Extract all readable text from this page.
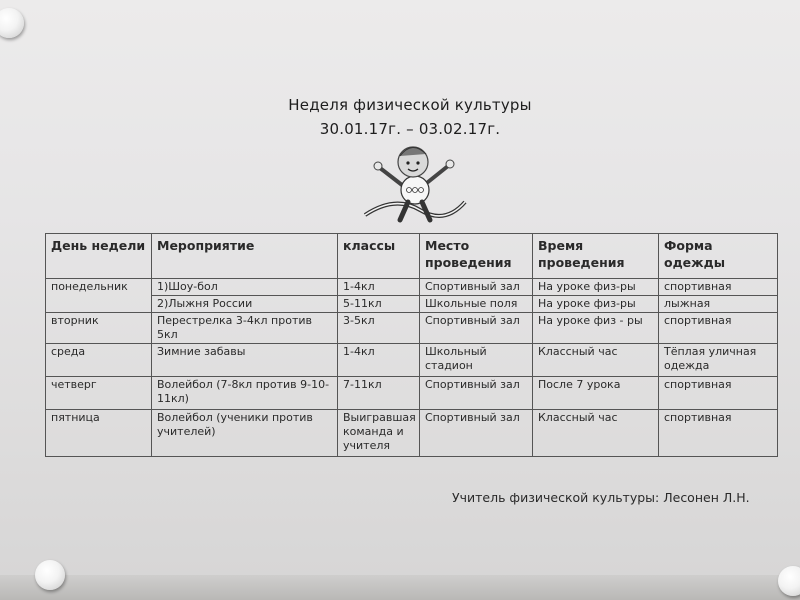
Неделя физической культуры
30.01.17г. – 03.02.17г.
День недели	Мероприятие	классы	Место проведения	Время проведения	Форма одежды
понедельник	1)Шоу-бол	1-4кл	Спортивный зал	На уроке физ-ры	спортивная
	2)Лыжня России	5-11кл	Школьные поля	На уроке физ-ры	лыжная
вторник	Перестрелка 3-4кл против 5кл	3-5кл	Спортивный зал	На уроке физ - ры	спортивная
среда	Зимние забавы	1-4кл	Школьный стадион	Классный час	Тёплая уличная одежда
четверг	Волейбол (7-8кл против 9-10-11кл)	7-11кл	Спортивный зал	После 7 урока	спортивная
пятница	Волейбол (ученики против учителей)	Выигравшая команда и учителя	Спортивный зал	Классный час	спортивная
Учитель физической культуры: Лесонен Л.Н.
